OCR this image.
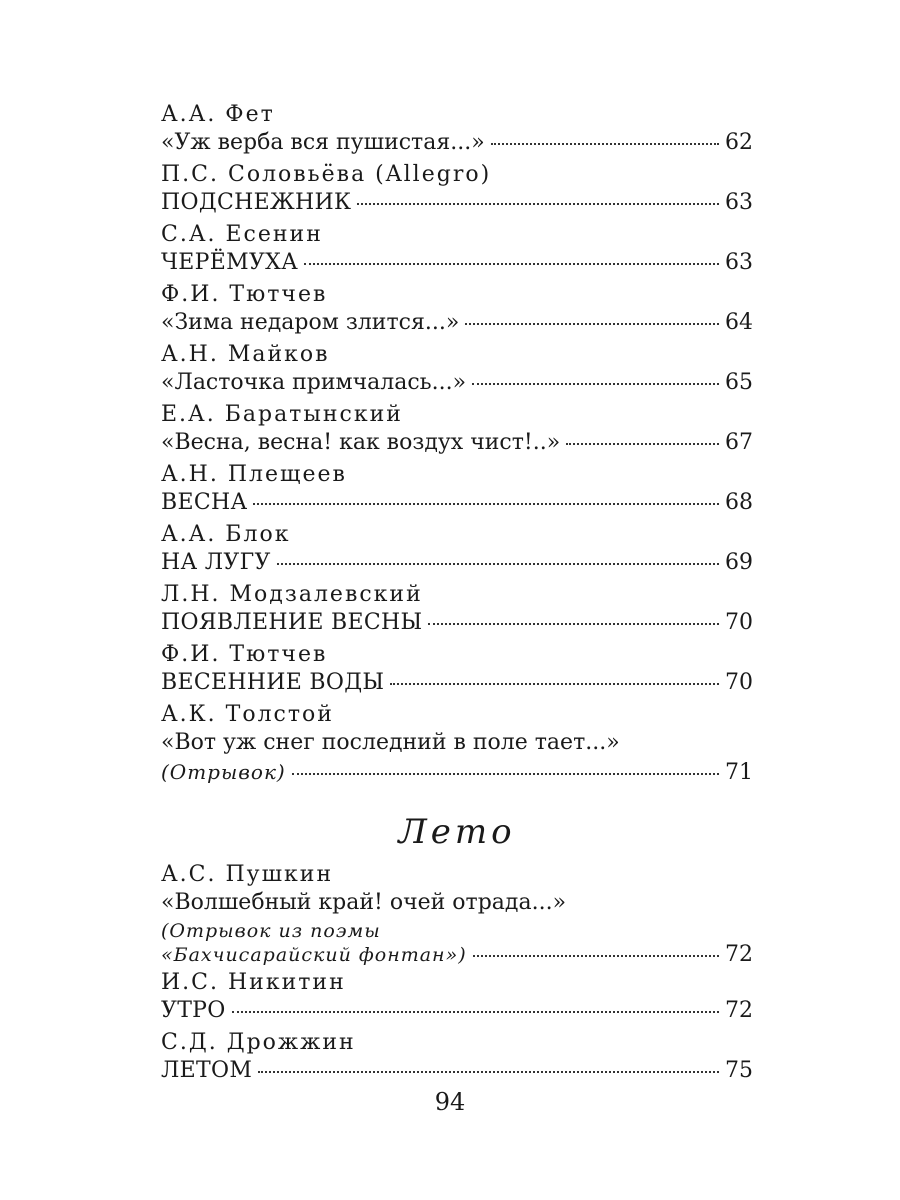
А.А. Фет
«Уж верба вся пушистая...»	62
П.С. Соловьёва (Allegro)
ПОДСНЕЖНИК	63
С.А. Есенин
ЧЕРЁМУХА	63
Ф.И. Тютчев
«Зима недаром злится...»	64
А.Н. Майков
«Ласточка примчалась...»	65
Е.А. Баратынский
«Весна, весна! как воздух чист!..»	67
А.Н. Плещеев
ВЕСНА	68
А.А. Блок
НА ЛУГУ	69
Л.Н. Модзалевский
ПОЯВЛЕНИЕ ВЕСНЫ	70
Ф.И. Тютчев
ВЕСЕННИЕ ВОДЫ	70
А.К. Толстой
«Вот уж снег последний в поле тает...»
(Отрывок)	71
Лето
А.С. Пушкин
«Волшебный край! очей отрада...»
(Отрывок из поэмы
«Бахчисарайский фонтан»)	72
И.С. Никитин
УТРО	72
С.Д. Дрожжин
ЛЕТОМ	75
94
